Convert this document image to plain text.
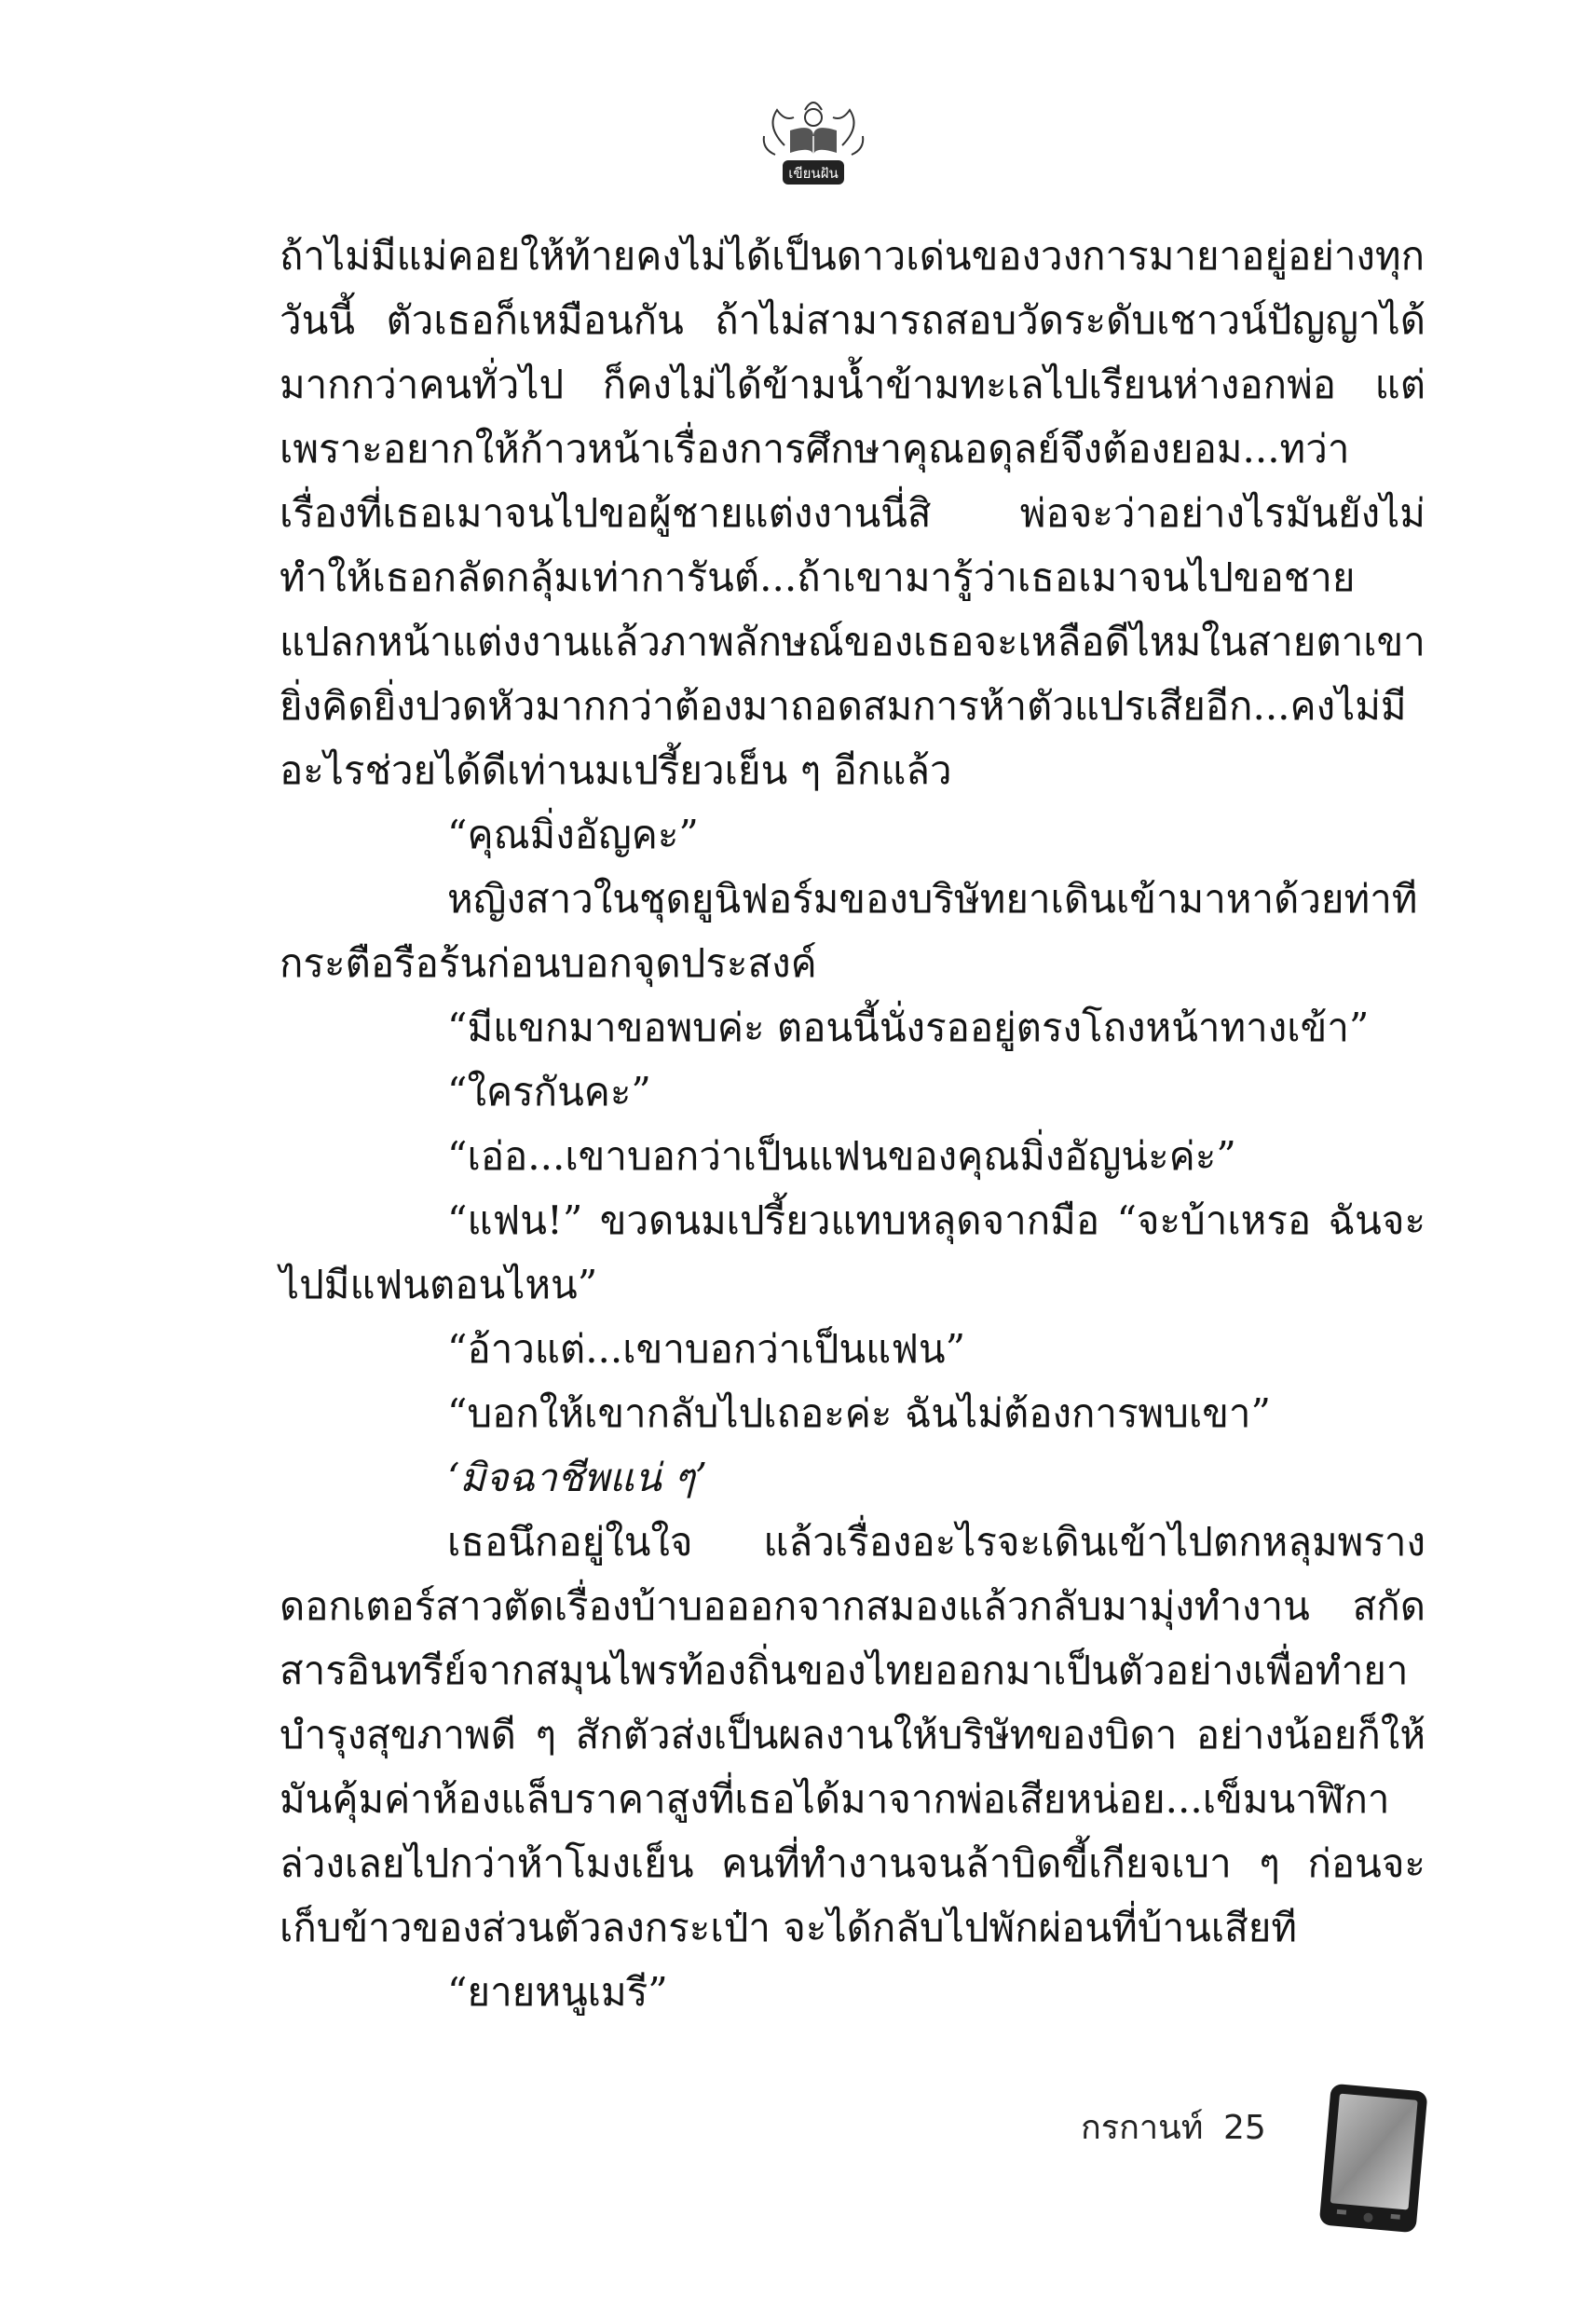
เขียนฝัน

ถ้าไม่มีแม่คอยให้ท้ายคงไม่ได้เป็นดาวเด่นของวงการมายาอยู่อย่างทุกวันนี้ ตัวเธอก็เหมือนกัน ถ้าไม่สามารถสอบวัดระดับเชาวน์ปัญญาได้มากกว่าคนทั่วไป ก็คงไม่ได้ข้ามน้ำข้ามทะเลไปเรียนห่างอกพ่อ แต่เพราะอยากให้ก้าวหน้าเรื่องการศึกษาคุณอดุลย์จึงต้องยอม...ทว่าเรื่องที่เธอเมาจนไปขอผู้ชายแต่งงานนี่สิ พ่อจะว่าอย่างไรมันยังไม่ทำให้เธอกลัดกลุ้มเท่าการันต์...ถ้าเขามารู้ว่าเธอเมาจนไปขอชายแปลกหน้าแต่งงานแล้วภาพลักษณ์ของเธอจะเหลือดีไหมในสายตาเขา ยิ่งคิดยิ่งปวดหัวมากกว่าต้องมาถอดสมการห้าตัวแปรเสียอีก...คงไม่มีอะไรช่วยได้ดีเท่านมเปรี้ยวเย็น ๆ อีกแล้ว

“คุณมิ่งอัญคะ”

หญิงสาวในชุดยูนิฟอร์มของบริษัทยาเดินเข้ามาหาด้วยท่าทีกระตือรือร้นก่อนบอกจุดประสงค์

“มีแขกมาขอพบค่ะ ตอนนี้นั่งรออยู่ตรงโถงหน้าทางเข้า”

“ใครกันคะ”

“เอ่อ...เขาบอกว่าเป็นแฟนของคุณมิ่งอัญน่ะค่ะ”

“แฟน!” ขวดนมเปรี้ยวแทบหลุดจากมือ “จะบ้าเหรอ ฉันจะไปมีแฟนตอนไหน”

“อ้าวแต่...เขาบอกว่าเป็นแฟน”

“บอกให้เขากลับไปเถอะค่ะ ฉันไม่ต้องการพบเขา”

‘มิจฉาชีพแน่ ๆ’

เธอนึกอยู่ในใจ แล้วเรื่องอะไรจะเดินเข้าไปตกหลุมพรางดอกเตอร์สาวตัดเรื่องบ้าบอออกจากสมองแล้วกลับมามุ่งทำงาน สกัดสารอินทรีย์จากสมุนไพรท้องถิ่นของไทยออกมาเป็นตัวอย่างเพื่อทำยาบำรุงสุขภาพดี ๆ สักตัวส่งเป็นผลงานให้บริษัทของบิดา อย่างน้อยก็ให้มันคุ้มค่าห้องแล็บราคาสูงที่เธอได้มาจากพ่อเสียหน่อย...เข็มนาฬิกาล่วงเลยไปกว่าห้าโมงเย็น คนที่ทำงานจนล้าบิดขี้เกียจเบา ๆ ก่อนจะเก็บข้าวของส่วนตัวลงกระเป๋า จะได้กลับไปพักผ่อนที่บ้านเสียที

“ยายหนูเมรี”

กรกานท์ 25
